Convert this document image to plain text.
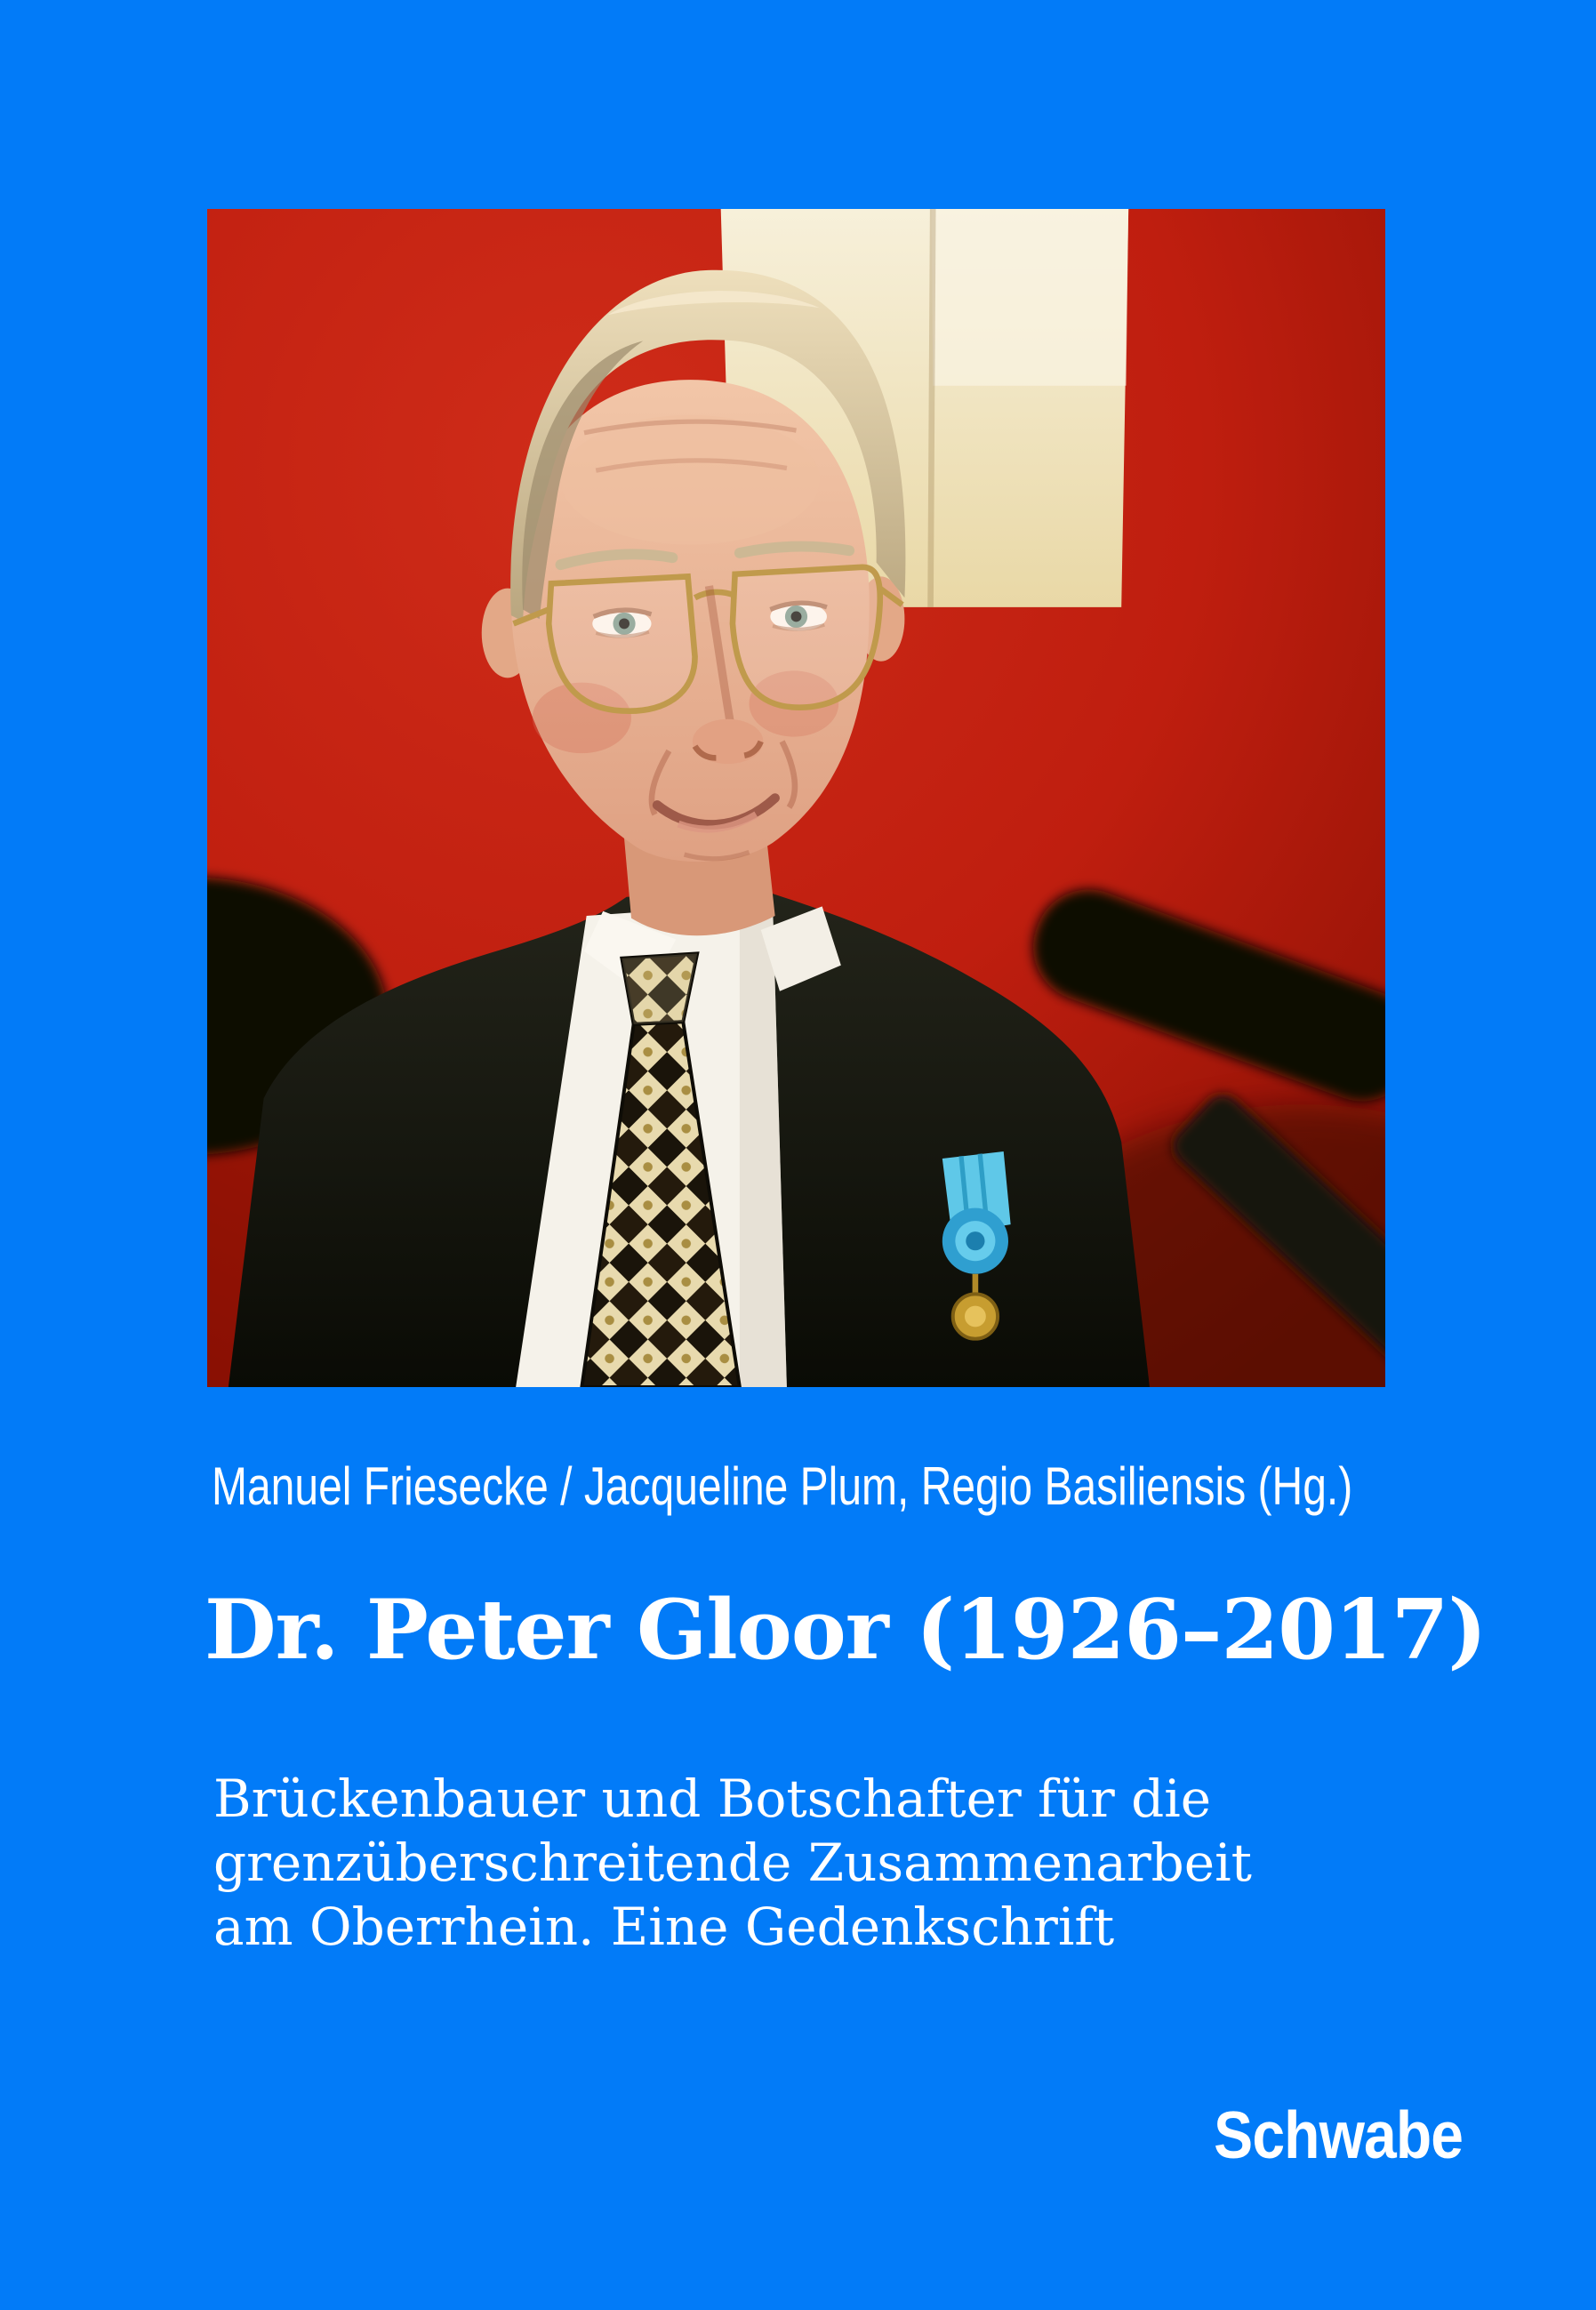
Manuel Friesecke / Jacqueline Plum, Regio Basiliensis (Hg.)
Dr. Peter Gloor (1926–2017)
Brückenbauer und Botschafter für die
grenzüberschreitende Zusammenarbeit
am Oberrhein. Eine Gedenkschrift
Schwabe
